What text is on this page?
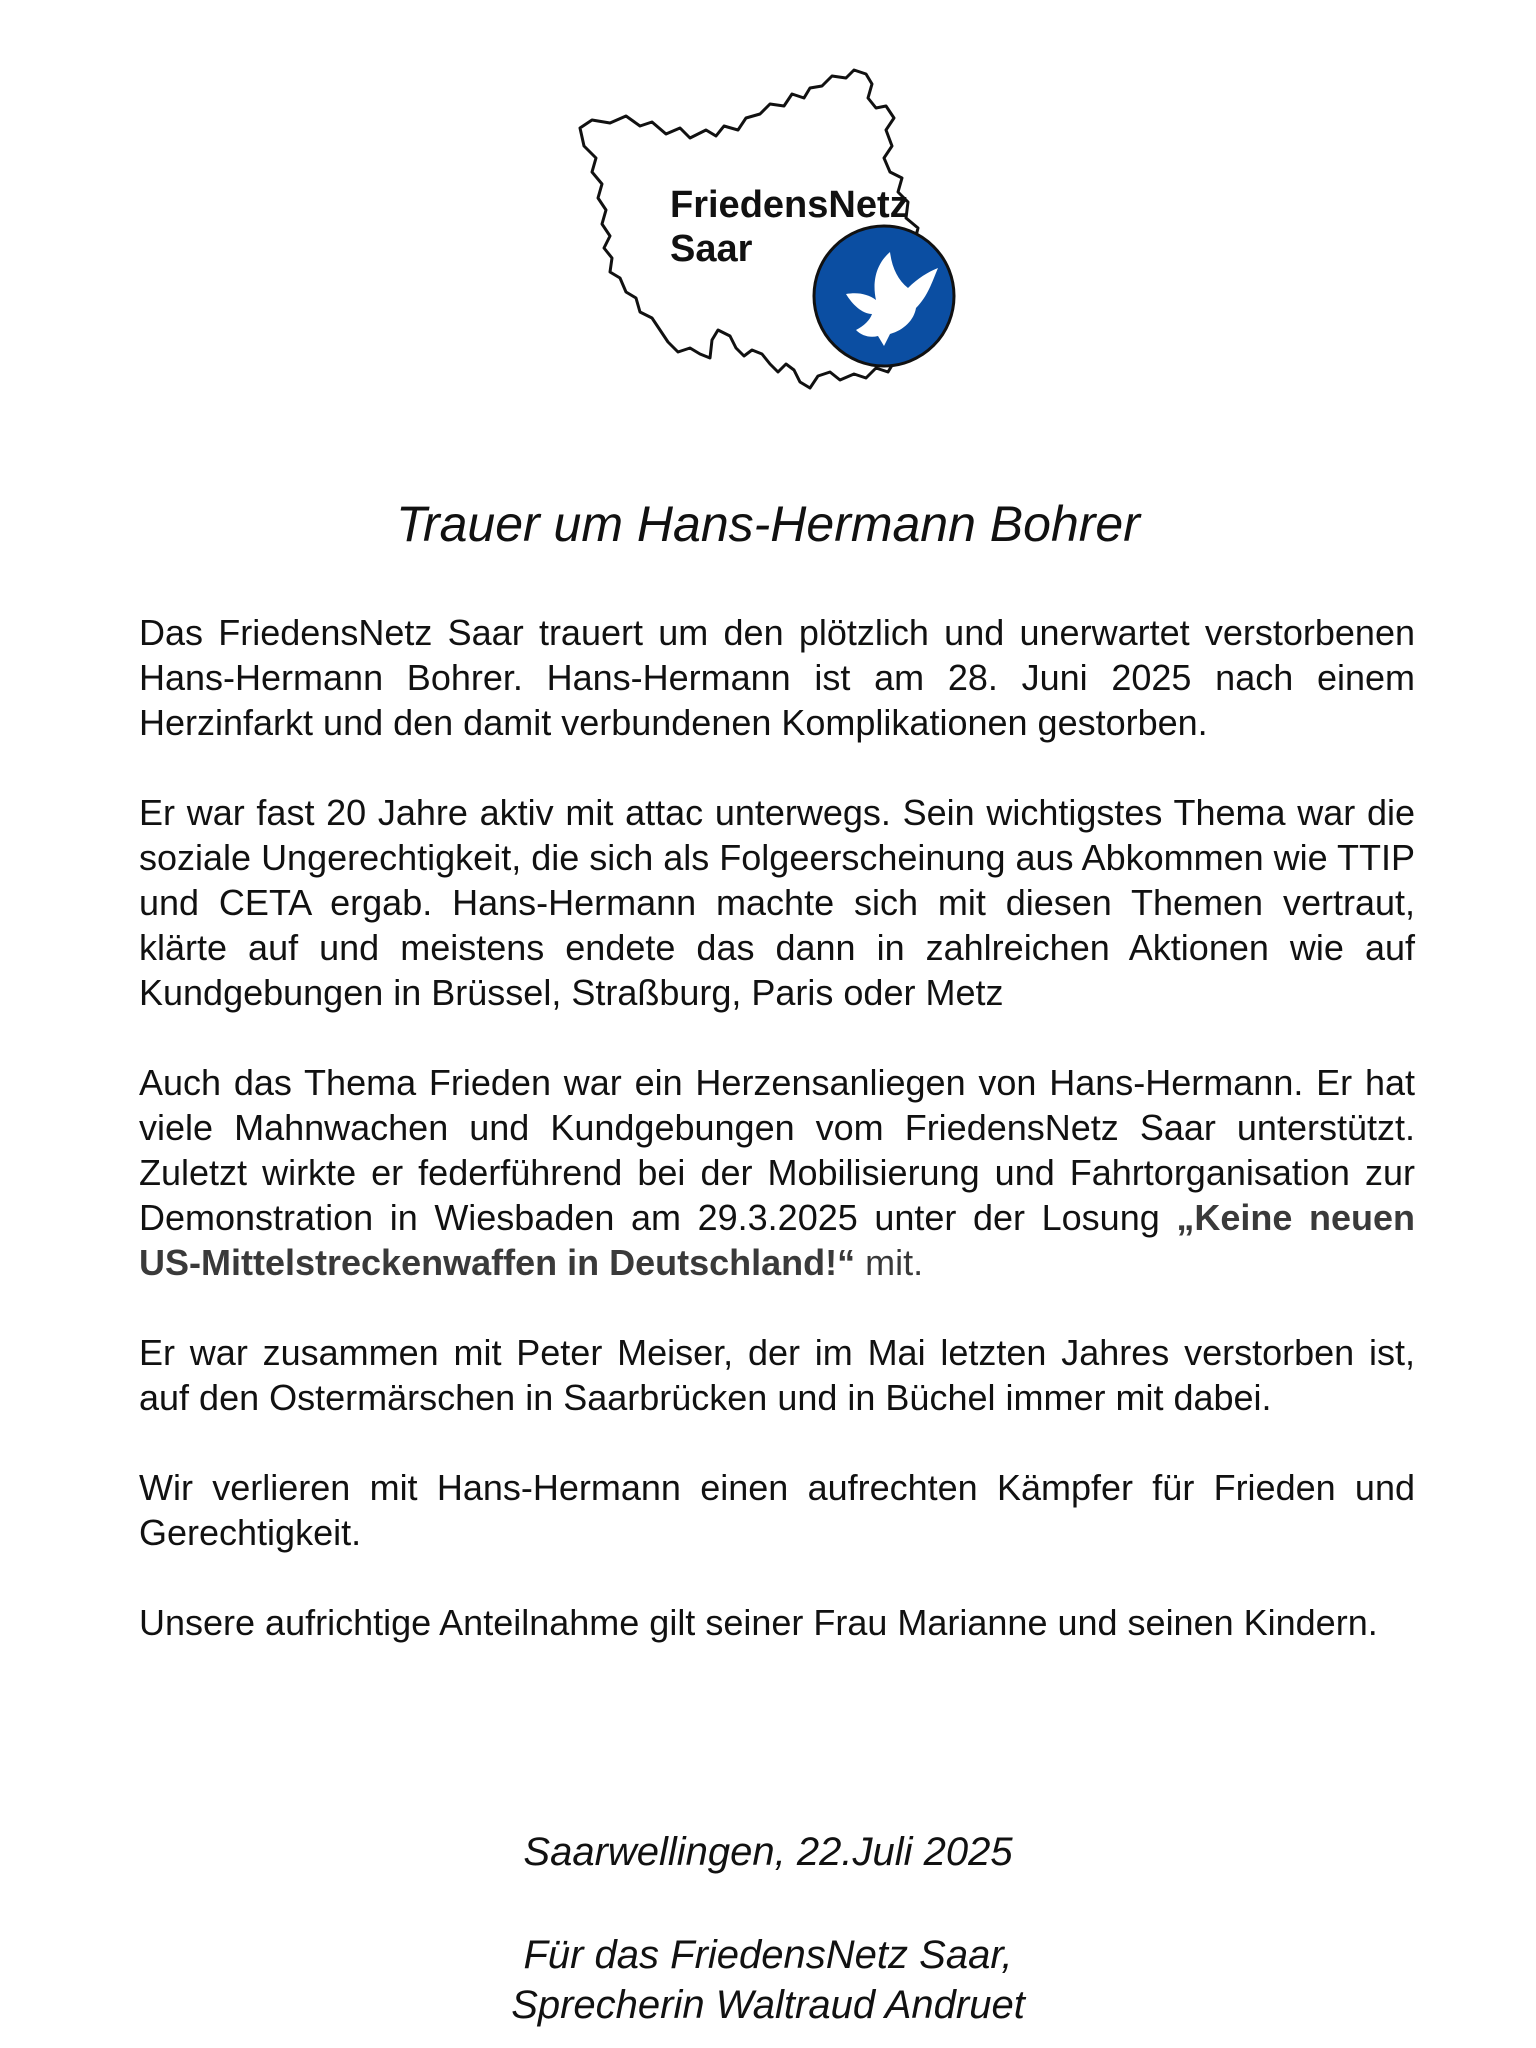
FriedensNetz
Saar
Trauer um Hans-Hermann Bohrer

Das FriedensNetz Saar trauert um den plötzlich und unerwartet verstorbenen Hans-Hermann Bohrer. Hans-Hermann ist am 28. Juni 2025 nach einem Herzinfarkt und den damit verbundenen Komplikationen gestorben.

Er war fast 20 Jahre aktiv mit attac unterwegs. Sein wichtigstes Thema war die soziale Ungerechtigkeit, die sich als Folgeerscheinung aus Abkommen wie TTIP und CETA ergab. Hans-Hermann machte sich mit diesen Themen vertraut, klärte auf und meistens endete das dann in zahlreichen Aktionen wie auf Kundgebungen in Brüssel, Straßburg, Paris oder Metz

Auch das Thema Frieden war ein Herzensanliegen von Hans-Hermann. Er hat viele Mahnwachen und Kundgebungen vom FriedensNetz Saar unterstützt. Zuletzt wirkte er federführend bei der Mobilisierung und Fahrtorganisation zur Demonstration in Wiesbaden am 29.3.2025 unter der Losung „Keine neuen US-Mittelstreckenwaffen in Deutschland!“ mit.

Er war zusammen mit Peter Meiser, der im Mai letzten Jahres verstorben ist, auf den Ostermärschen in Saarbrücken und in Büchel immer mit dabei.

Wir verlieren mit Hans-Hermann einen aufrechten Kämpfer für Frieden und Gerechtigkeit.

Unsere aufrichtige Anteilnahme gilt seiner Frau Marianne und seinen Kindern.

Saarwellingen, 22.Juli 2025
Für das FriedensNetz Saar,
Sprecherin Waltraud Andruet
